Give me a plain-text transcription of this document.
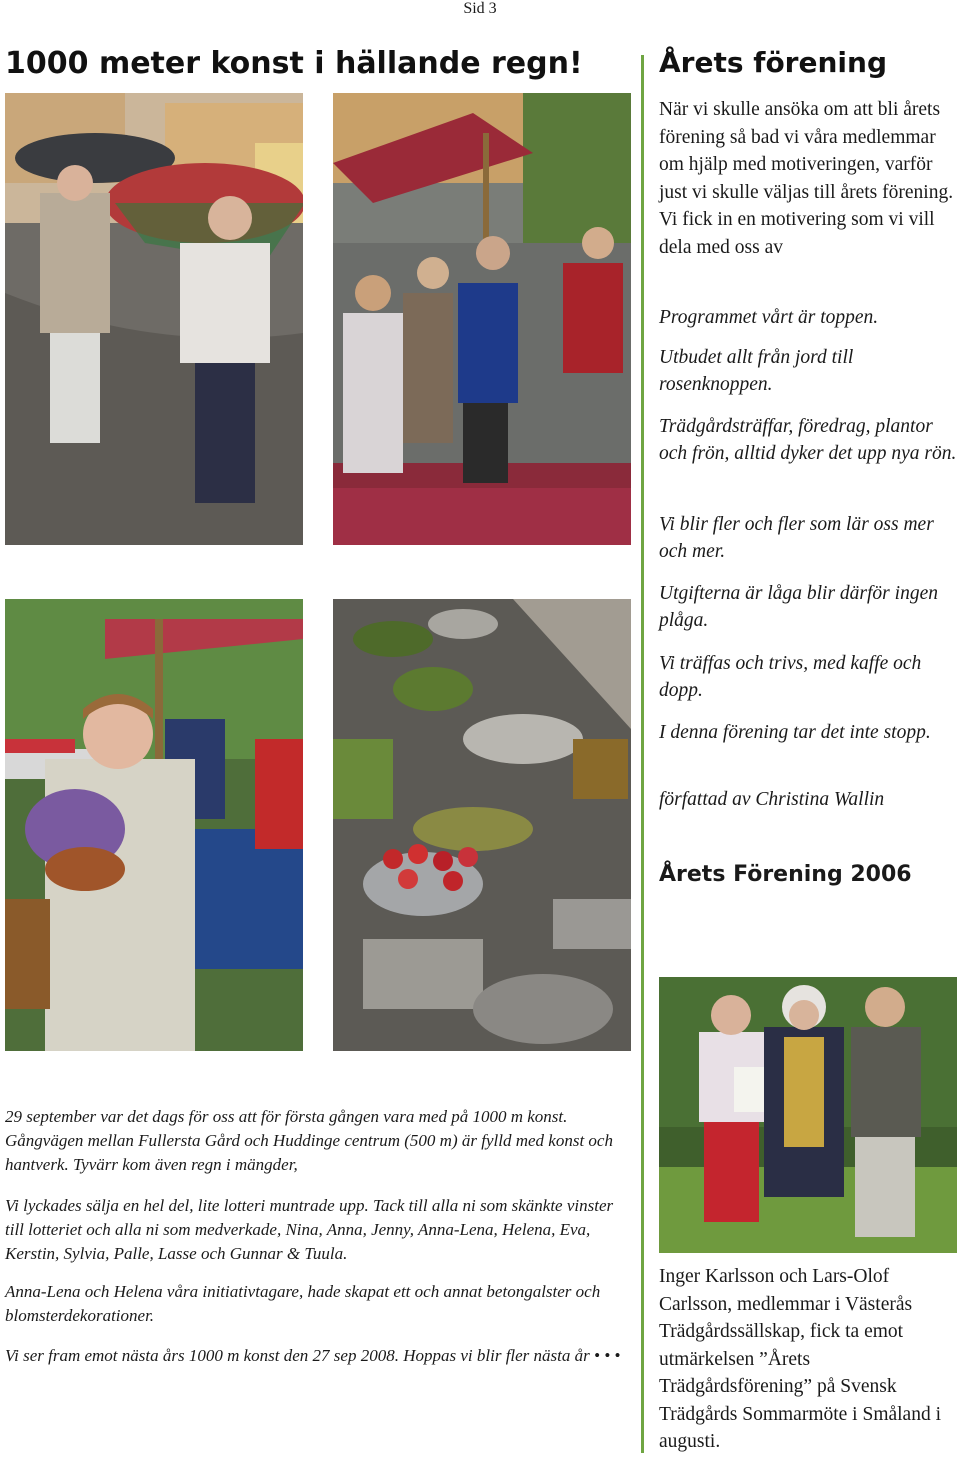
Sid 3
1000 meter konst i hällande regn!	Årets förening
När vi skulle ansöka om att bli årets förening så bad vi våra medlemmar om hjälp med motiveringen, varför just vi skulle väljas till årets förening. Vi fick in en motivering som vi vill dela med oss av
Programmet vårt är toppen.
Utbudet allt från jord till rosenknoppen.
Trädgårdsträffar, föredrag, plantor och frön, alltid dyker det upp nya rön.
Vi blir fler och fler som lär oss mer och mer.
Utgifterna är låga blir därför ingen plåga.
Vi träffas och trivs, med kaffe och dopp.
I denna förening tar det inte stopp.
författad av Christina Wallin
Årets Förening 2006
Inger Karlsson och Lars-Olof Carlsson, medlemmar i Västerås Trädgårdssällskap, fick ta emot utmärkelsen ”Årets Trädgårdsförening” på Svensk Trädgårds Sommarmöte i Småland i augusti.
29 september var det dags för oss att för första gången vara med på 1000 m konst. Gångvägen mellan Fullersta Gård och Huddinge centrum (500 m) är fylld med konst och hantverk. Tyvärr kom även regn i mängder,
Vi lyckades sälja en hel del, lite lotteri muntrade upp. Tack till alla ni som skänkte vinster till lotteriet och alla ni som medverkade, Nina, Anna, Jenny, Anna-Lena, Helena, Eva, Kerstin, Sylvia, Palle, Lasse och Gunnar & Tuula.
Anna-Lena och Helena våra initiativtagare, hade skapat ett och annat betongalster och blomsterdekorationer.
Vi ser fram emot nästa års 1000 m konst den 27 sep 2008. Hoppas vi blir fler nästa år • • •
